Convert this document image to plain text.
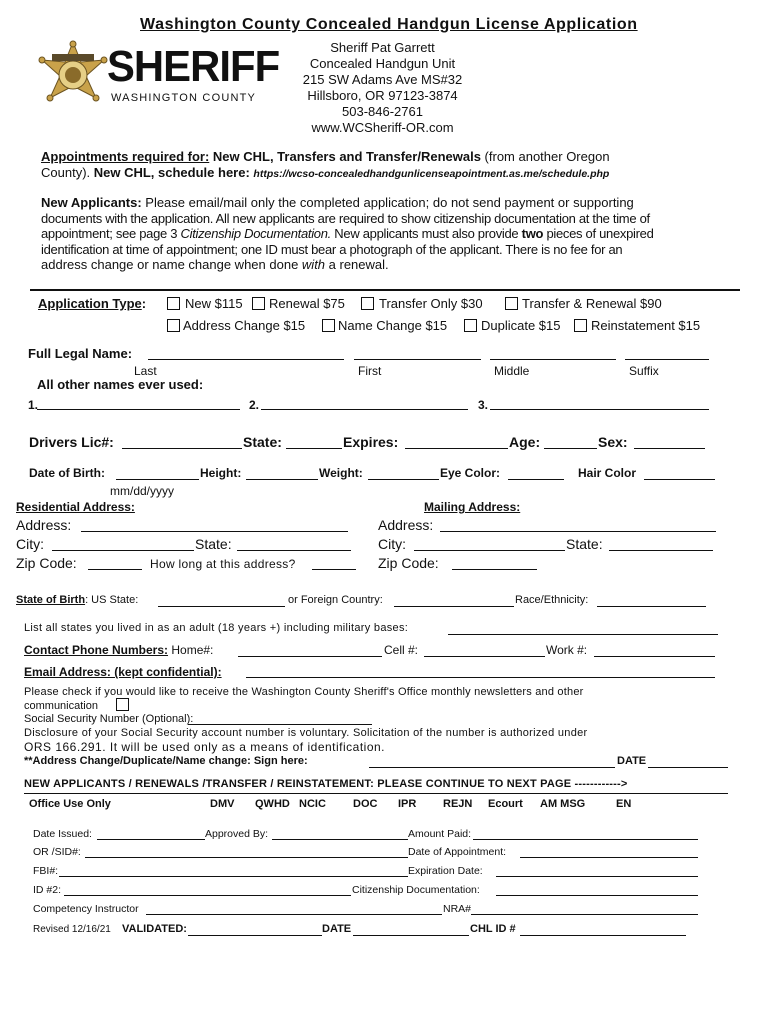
Washington County Concealed Handgun License Application
SHERIFF
WASHINGTON COUNTY
Sheriff Pat Garrett
Concealed Handgun Unit
215 SW Adams Ave MS#32
Hillsboro, OR 97123-3874
503-846-2761
www.WCSheriff-OR.com
Appointments required for: New CHL, Transfers and Transfer/Renewals (from another Oregon
County). New CHL, schedule here: https://wcso-concealedhandgunlicenseapointment.as.me/schedule.php
New Applicants: Please email/mail only the completed application; do not send payment or supporting
documents with the application. All new applicants are required to show citizenship documentation at the time of
appointment; see page 3 Citizenship Documentation. New applicants must also provide two pieces of unexpired
identification at time of appointment; one ID must bear a photograph of the applicant. There is no fee for an
address change or name change when done with a renewal.
Application Type:	New $115 Renewal $75	Transfer Only $30	Transfer & Renewal $90
Address Change $15	Name Change $15	Duplicate $15 Reinstatement $15
Full Legal Name:
Last	First	Middle	Suffix
All other names ever used:
1.	2.	3.
Drivers Lic#:	State:	Expires:	Age:	Sex:
Date of Birth:	Height:	Weight:	Eye Color:	Hair Color
mm/dd/yyyy
Residential Address:	Mailing Address:
Address:	Address:
City:	State:	City:	State:
Zip Code:	How long at this address?	Zip Code:
State of Birth: US State:	or Foreign Country:	Race/Ethnicity:
List all states you lived in as an adult (18 years +) including military bases:
Contact Phone Numbers: Home#:	Cell #:	Work #:
Email Address: (kept confidential):
Please check if you would like to receive the Washington County Sheriff's Office monthly newsletters and other
communication
Social Security Number (Optional):
Disclosure of your Social Security account number is voluntary. Solicitation of the number is authorized under
ORS 166.291. It will be used only as a means of identification.
**Address Change/Duplicate/Name change: Sign here:	DATE
NEW APPLICANTS / RENEWALS /TRANSFER / REINSTATEMENT: PLEASE CONTINUE TO NEXT PAGE ------------>
Office Use Only	DMV QWHD NCIC DOC IPR REJN Ecourt AM MSG	EN
Date Issued:	Approved By:	Amount Paid:
OR /SID#:	Date of Appointment:
FBI#:	Expiration Date:
ID #2:	Citizenship Documentation:
Competency Instructor	NRA#
Revised 12/16/21 VALIDATED:	DATE	CHL ID #
